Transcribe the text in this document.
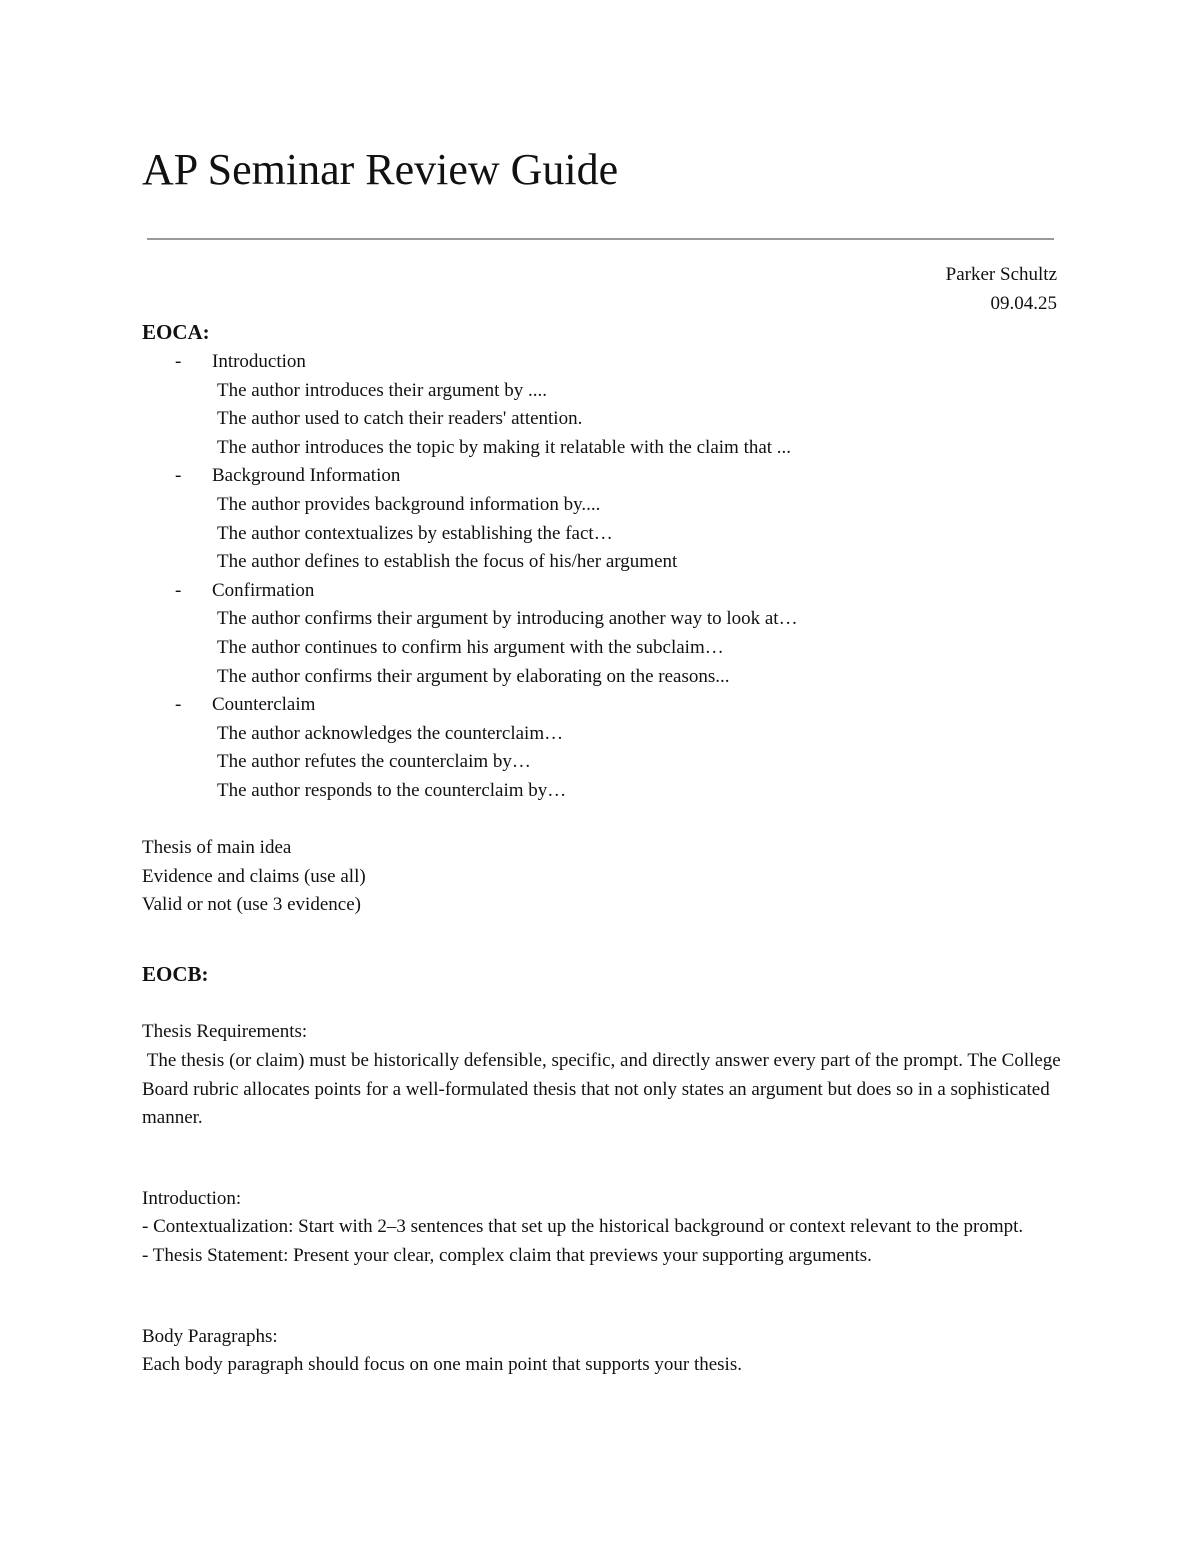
AP Seminar Review Guide
Parker Schultz
09.04.25
EOCA:
-	Introduction
The author introduces their argument by ....
The author used to catch their readers' attention.
The author introduces the topic by making it relatable with the claim that ...
-	Background Information
The author provides background information by....
The author contextualizes by establishing the fact…
The author defines to establish the focus of his/her argument
-	Confirmation
The author confirms their argument by introducing another way to look at…
The author continues to confirm his argument with the subclaim…
The author confirms their argument by elaborating on the reasons...
-	Counterclaim
The author acknowledges the counterclaim…
The author refutes the counterclaim by…
The author responds to the counterclaim by…
Thesis of main idea
Evidence and claims (use all)
Valid or not (use 3 evidence)
EOCB:
Thesis Requirements:
The thesis (or claim) must be historically defensible, specific, and directly answer every part of the prompt. The College Board rubric allocates points for a well-formulated thesis that not only states an argument but does so in a sophisticated manner.
Introduction:
- Contextualization: Start with 2–3 sentences that set up the historical background or context relevant to the prompt.
- Thesis Statement: Present your clear, complex claim that previews your supporting arguments.
Body Paragraphs:
Each body paragraph should focus on one main point that supports your thesis.
